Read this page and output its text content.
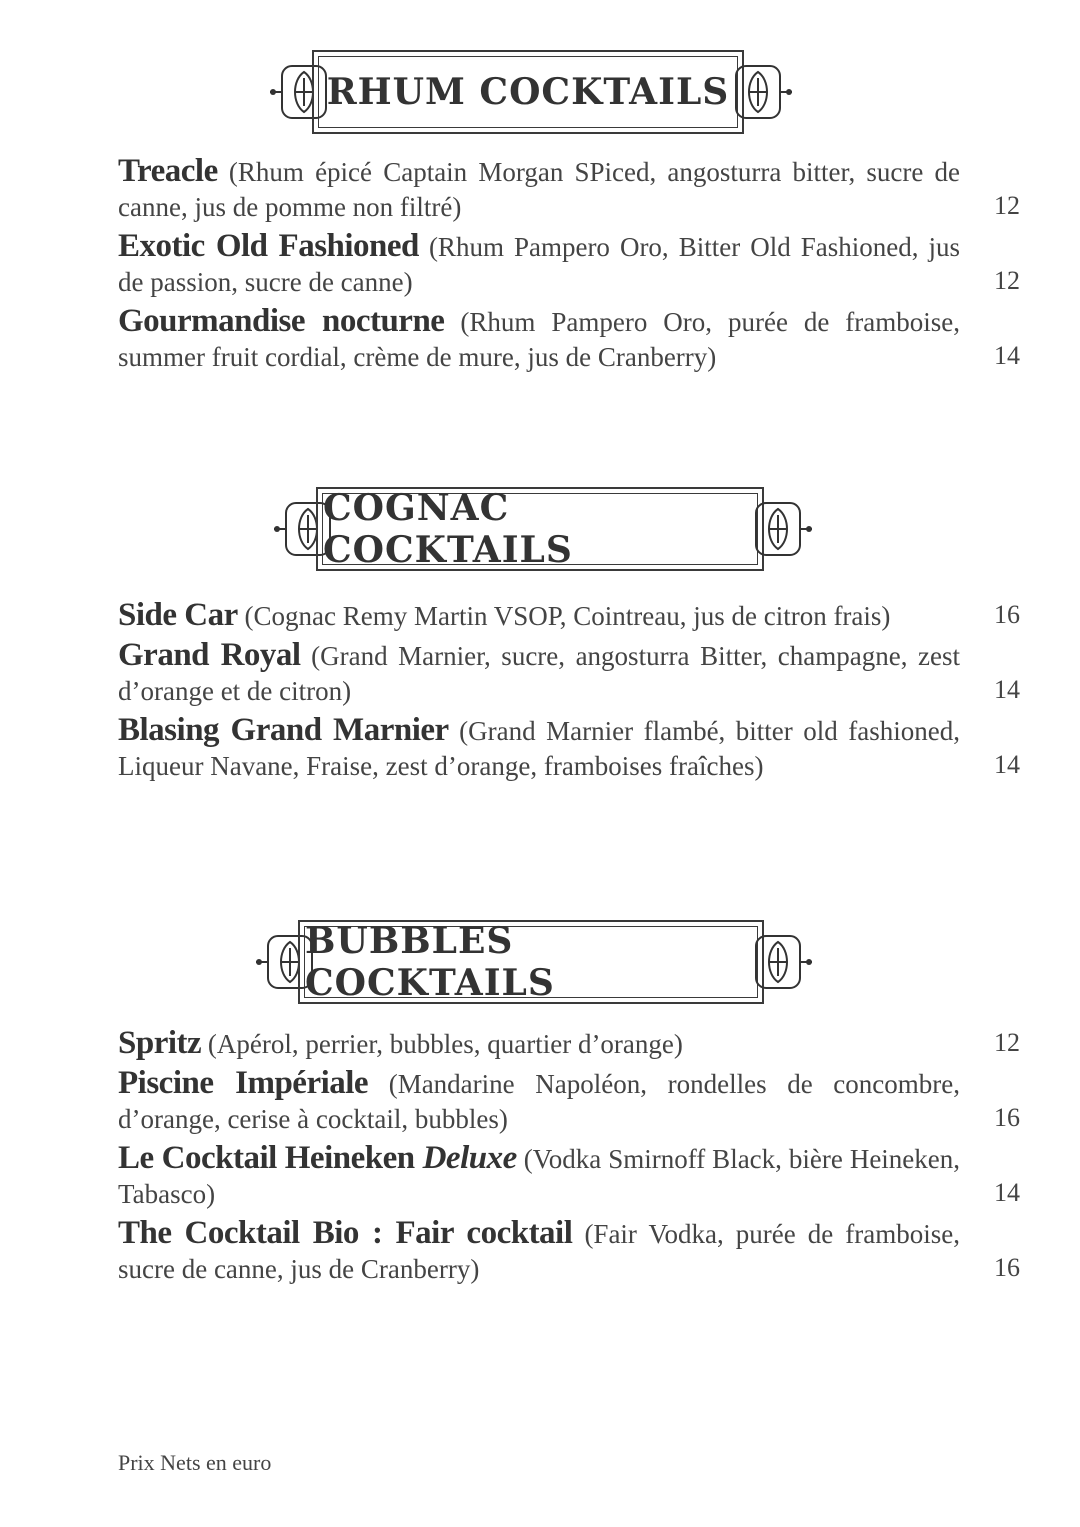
RHUM COCKTAILS
Treacle (Rhum épicé Captain Morgan SPiced, angosturra bitter, sucre de canne, jus de pomme non filtré)	12
Exotic Old Fashioned (Rhum Pampero Oro, Bitter Old Fashioned, jus de passion, sucre de canne)	12
Gourmandise nocturne (Rhum Pampero Oro, purée de framboise, summer fruit cordial, crème de mure, jus de Cranberry)	14
COGNAC COCKTAILS
Side Car (Cognac Remy Martin VSOP, Cointreau, jus de citron frais)	16
Grand Royal (Grand Marnier, sucre, angosturra Bitter, champagne, zest d’orange et de citron)	14
Blasing Grand Marnier (Grand Marnier flambé, bitter old fashioned, Liqueur Navane, Fraise, zest d’orange, framboises fraîches)	14
BUBBLES COCKTAILS
Spritz (Apérol, perrier, bubbles, quartier d’orange)	12
Piscine Impériale (Mandarine Napoléon, rondelles de concombre, d’orange, cerise à cocktail, bubbles)	16
Le Cocktail Heineken Deluxe (Vodka Smirnoff Black, bière Heineken, Tabasco)	14
The Cocktail Bio : Fair cocktail (Fair Vodka, purée de framboise, sucre de canne, jus de Cranberry)	16
Prix Nets en euro
